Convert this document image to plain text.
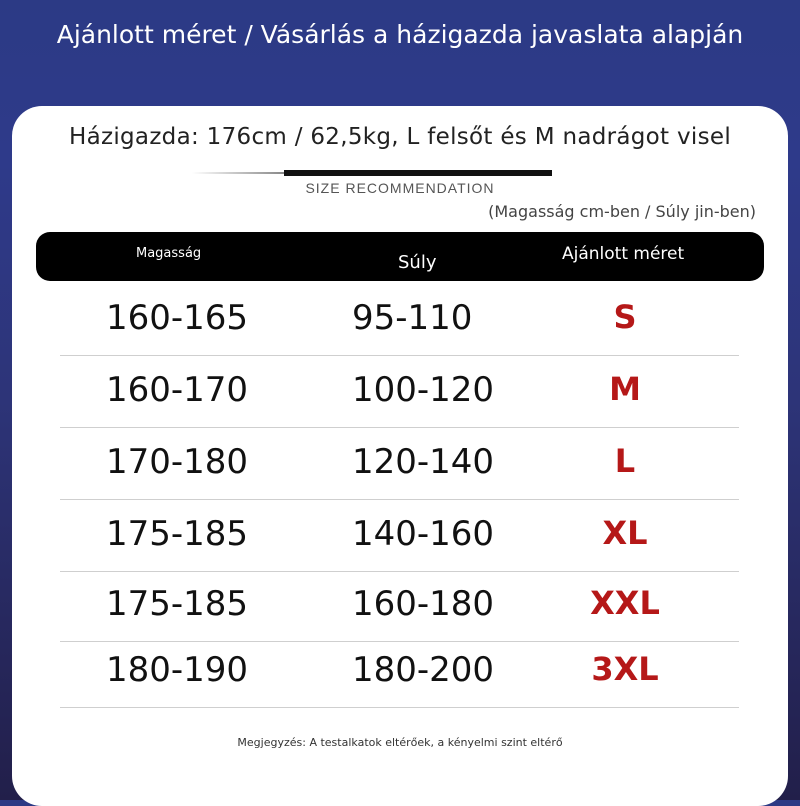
Ajánlott méret / Vásárlás a házigazda javaslata alapján
Házigazda: 176cm / 62,5kg, L felsőt és M nadrágot visel
SIZE RECOMMENDATION
(Magasság cm-ben / Súly jin-ben)
Magasság	Súly	Ajánlott méret
160-165	95-110	S
160-170	100-120	M
170-180	120-140	L
175-185	140-160	XL
175-185	160-180	XXL
180-190	180-200	3XL
Megjegyzés: A testalkatok eltérőek, a kényelmi szint eltérő
